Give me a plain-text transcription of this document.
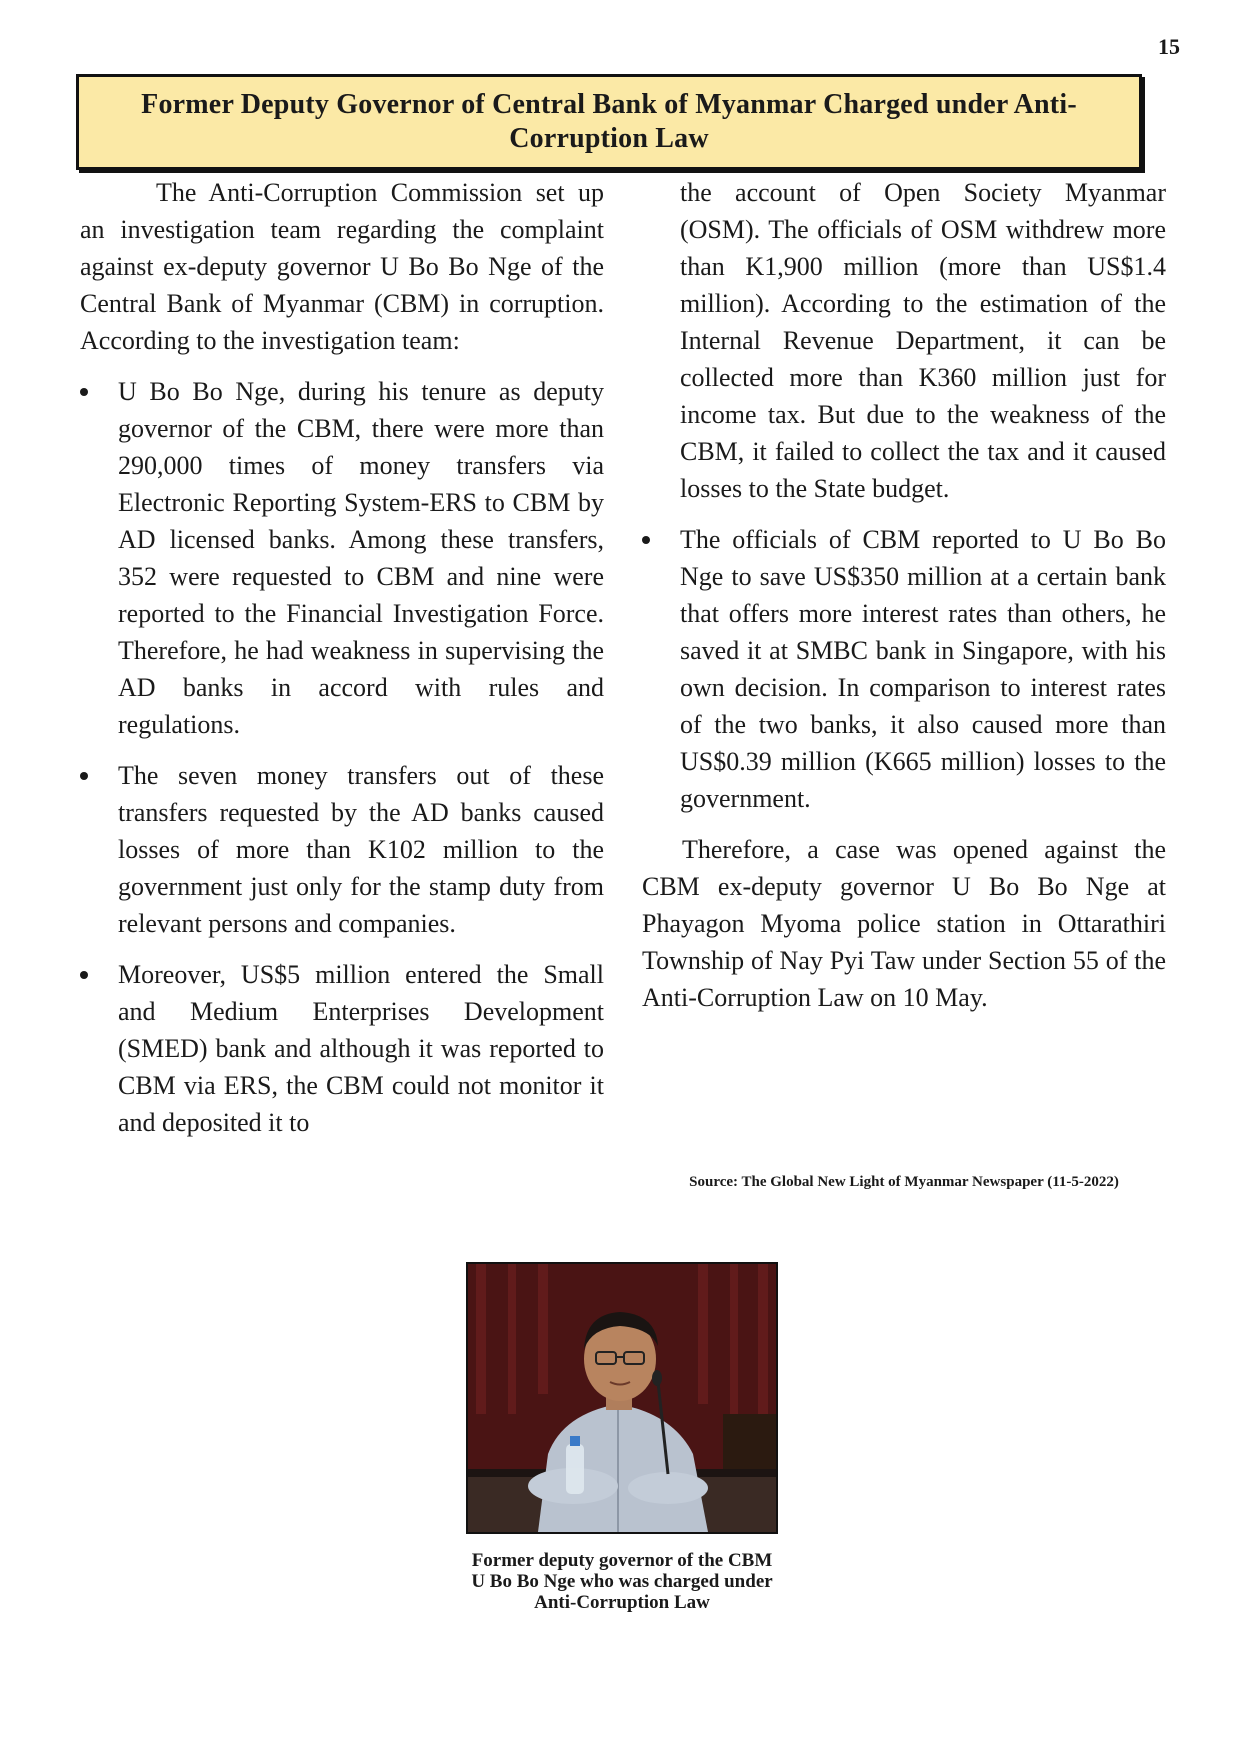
15
Former Deputy Governor of Central Bank of Myanmar Charged under Anti-Corruption Law

The Anti-Corruption Commission set up an investigation team regarding the complaint against ex-deputy governor U Bo Bo Nge of the Central Bank of Myanmar (CBM) in corruption. According to the investigation team:

U Bo Bo Nge, during his tenure as deputy governor of the CBM, there were more than 290,000 times of money transfers via Electronic Reporting System-ERS to CBM by AD licensed banks. Among these transfers, 352 were requested to CBM and nine were reported to the Financial Investigation Force. Therefore, he had weakness in supervising the AD banks in accord with rules and regulations.
The seven money transfers out of these transfers requested by the AD banks caused losses of more than K102 million to the government just only for the stamp duty from relevant persons and companies.
Moreover, US$5 million entered the Small and Medium Enterprises Development (SMED) bank and although it was reported to CBM via ERS, the CBM could not monitor it and deposited it to

the account of Open Society Myanmar (OSM). The officials of OSM withdrew more than K1,900 million (more than US$1.4 million). According to the estimation of the Internal Revenue Department, it can be collected more than K360 million just for income tax. But due to the weakness of the CBM, it failed to collect the tax and it caused losses to the State budget.

The officials of CBM reported to U Bo Bo Nge to save US$350 million at a certain bank that offers more interest rates than others, he saved it at SMBC bank in Singapore, with his own decision. In comparison to interest rates of the two banks, it also caused more than US$0.39 million (K665 million) losses to the government.

Therefore, a case was opened against the CBM ex-deputy governor U Bo Bo Nge at Phayagon Myoma police station in Ottarathiri Township of Nay Pyi Taw under Section 55 of the Anti-Corruption Law on 10 May.

Source: The Global New Light of Myanmar Newspaper (11-5-2022)
Former deputy governor of the CBM U Bo Bo Nge who was charged under Anti-Corruption Law
